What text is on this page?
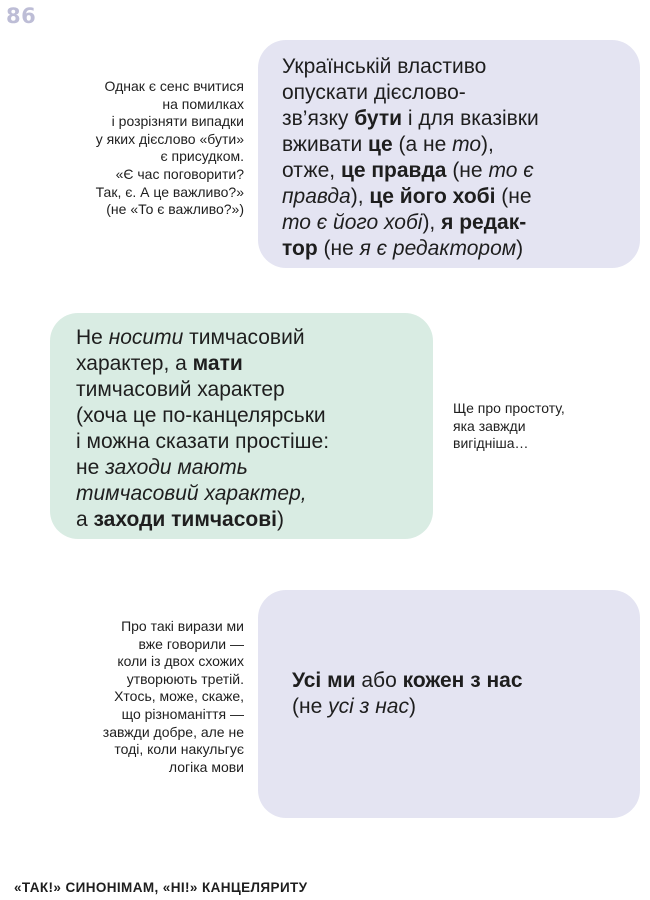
86
Однак є сенс вчитися
на помилках
і розрізняти випадки
у яких дієслово «бути»
є присудком.
«Є час поговорити?
Так, є. А це важливо?»
(не «То є важливо?»)
Українській властиво
опускати дієслово-
зв’язку бути і для вказівки
вживати це (а не то),
отже, це правда (не то є
правда), це його хобі (не
то є його хобі), я редак-
тор (не я є редактором)
Не носити тимчасовий
характер, а мати
тимчасовий характер
(хоча це по-канцелярськи
і можна сказати простіше:
не заходи мають
тимчасовий характер,
а заходи тимчасові)
Ще про простоту,
яка завжди
вигідніша…
Про такі вирази ми
вже говорили —
коли із двох схожих
утворюють третій.
Хтось, може, скаже,
що різноманіття —
завжди добре, але не
тоді, коли накульгує
логіка мови
Усі ми або кожен з нас
(не усі з нас)
«ТАК!» СИНОНІМАМ, «НІ!» КАНЦЕЛЯРИТУ
